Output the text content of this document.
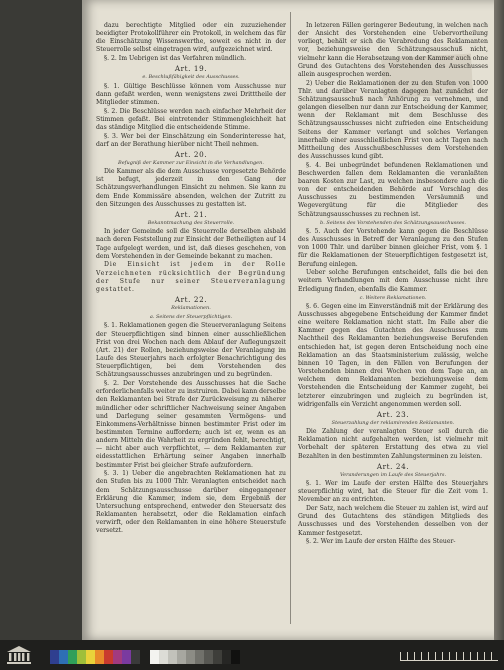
dazu berechtigte Mitglied oder ein zuzuziehender beeidigter Protokollführer ein Protokoll, in welchem das für die Einschätzung Wissenswerthe, soweit es nicht in der Steuerrolle selbst eingetragen wird, aufgezeichnet wird.

§. 2. Im Uebrigen ist das Verfahren mündlich.

Art. 19.
e. Beschlußfähigkeit des Ausschusses.

§. 1. Gültige Beschlüsse können vom Ausschusse nur dann gefaßt werden, wenn wenigstens zwei Dritttheile der Mitglieder stimmen.

§. 2. Die Beschlüsse werden nach einfacher Mehrheit der Stimmen gefaßt. Bei eintretender Stimmengleichheit hat das ständige Mitglied die entscheidende Stimme.

§. 3. Wer bei der Einschätzung ein Sonderinteresse hat, darf an der Berathung hierüber nicht Theil nehmen.

Art. 20.
Befugniß der Kammer zur Einsicht in die Verhandlungen.

Die Kammer als die dem Ausschusse vorgesetzte Behörde ist befugt, jederzeit in den Gang der Schätzungsverhandlungen Einsicht zu nehmen. Sie kann zu dem Ende Kommissäre absenden, welchen der Zutritt zu den Sitzungen des Ausschusses zu gestatten ist.

Art. 21.
Bekanntmachung des Steuerrolle.

In jeder Gemeinde soll die Steuerrolle derselben alsbald nach deren Feststellung zur Einsicht der Betheiligten auf 14 Tage aufgelegt werden, und ist, daß dieses geschehen, von dem Vorstehenden in der Gemeinde bekannt zu machen.

Die Einsicht ist jedem in der Rolle Verzeichneten rücksichtlich der Begründung der Stufe nur seiner Steuerveranlagung gestattet.

Art. 22.
Reklamationen.
a. Seitens der Steuerpflichtigen.

§. 1. Reklamationen gegen die Steuerveranlagung Seitens der Steuerpflichtigen sind binnen einer ausschließlichen Frist von drei Wochen nach dem Ablauf der Auflegungszeit (Art. 21) der Rollen, beziehungsweise der Veranlagung im Laufe des Steuerjahrs nach erfolgter Benachrichtigung des Steuerpflichtigen, bei dem Vorstehenden des Schätzungsausschusses anzubringen und zu begründen.

§. 2. Der Vorstehende des Ausschusses hat die Sache erforderlichenfalls weiter zu instruiren. Dabei kann derselbe den Reklamanten bei Strafe der Zurückweisung zu näherer mündlicher oder schriftlicher Nachweisung seiner Angaben und Darlegung seiner gesammten Vermögens- und Einkommens-Verhältnisse binnen bestimmter Frist oder im bestimmten Termine auffordern; auch ist er, wenn es an andern Mitteln die Wahrheit zu ergründen fehlt, berechtigt, — nicht aber auch verpflichtet, — dem Reklamanten zur eidesstattlichen Erhärtung seiner Angaben innerhalb bestimmter Frist bei gleicher Strafe aufzufordern.

§. 3. 1) Ueber die angebrachten Reklamationen hat zu den Stufen bis zu 1000 Thlr. Veranlagten entscheidet nach dem Schätzungsausschusse darüber eingegangener Erklärung die Kammer, indem sie, dem Ergebniß der Untersuchung entsprechend, entweder den Steuersatz des Reklamanten herabsetzt, oder die Reklamation einfach verwirft, oder den Reklamanten in eine höhere Steuerstufe versetzt.

In letzeren Fällen geringerer Bedeutung, in welchen nach der Ansicht des Vorstehenden eine Uebervortheilung vorliegt, behält er sich die Verabredung des Reklamanten vor, beziehungsweise den Schätzungsausschuß nicht, vielmehr kann die Herabsetzung von der Kammer auch ohne Grund des Gutachtens des Vorstehenden des Ausschusses allein ausgesprochen werden.

2) Ueber die Reklamationen der zu den Stufen von 1000 Thlr. und darüber Veranlagten dagegen hat zunächst der Schätzungsausschuß nach Anhörung zu vernehmen, und gelangen dieselben nur dann zur Entscheidung der Kammer, wenn der Reklamant mit dem Beschlusse des Schätzungsausschusses nicht zufrieden eine Entscheidung Seitens der Kammer verlangt und solches Verlangen innerhalb einer ausschließlichen Frist von acht Tagen nach Mittheilung des Ausschußbeschlusses dem Vorstehenden des Ausschusses kund gibt.

§. 4. Bei unbegründet befundenen Reklamationen und Beschwerden fallen dem Reklamanten die veranlaßten baaren Kosten zur Last, zu welchen insbesondere auch die von der entscheidenden Behörde auf Vorschlag des Ausschusses zu bestimmenden Versäumniß und Wegevergütung für die Mitglieder des Schätzungsausschusses zu rechnen ist.

b. Seitens des Vorstehenden des Schätzungsausschusses.

§. 5. Auch der Vorstehende kann gegen die Beschlüsse des Ausschusses in Betreff der Veranlagung zu den Stufen von 1000 Thlr. und darüber binnen gleicher Frist, vom §. 1 für die Reklamationen der Steuerpflichtigen festgesetzt ist, Berufung einlegen.

Ueber solche Berufungen entscheidet, falls die bei den weitern Verhandlungen mit dem Ausschusse nicht ihre Erledigung finden, ebenfalls die Kammer.

c. Weitere Reklamationen.

§. 6. Gegen eine im Einverständniß mit der Erklärung des Ausschusses abgegebene Entscheidung der Kammer findet eine weitere Reklamation nicht statt. Im Falle aber die Kammer gegen das Gutachten des Ausschusses zum Nachtheil des Reklamanten beziehungsweise Berufenden entschieden hat, ist gegen deren Entscheidung noch eine Reklamation an das Staatsministerium zulässig, welche binnen 10 Tagen, in den Fällen von Berufungen der Vorstehenden binnen drei Wochen von dem Tage an, an welchem dem Reklamanten beziehungsweise dem Vorstehenden die Entscheidung der Kammer zugeht, bei letzterer einzubringen und zugleich zu begründen ist, widrigenfalls ein Verzicht angenommen werden soll.

Art. 23.
Steuerzahlung der reklamirenden Reklamanten.

Die Zahlung der veranlagten Steuer soll durch die Reklamation nicht aufgehalten werden, ist vielmehr mit Vorbehalt der späteren Erstattung des etwa zu viel Bezahlten in den bestimmten Zahlungsterminen zu leisten.

Art. 24.
Veranderungen im Laufe des Steuerjahrs.

§. 1. Wer im Laufe der ersten Hälfte des Steuerjahrs steuerpflichtig wird, hat die Steuer für die Zeit vom 1. November an zu entrichten.

Der Satz, nach welchem die Steuer zu zahlen ist, wird auf Grund des Gutachtens des ständigen Mitglieds des Ausschusses und des Vorstehenden desselben von der Kammer festgesetzt.

§. 2. Wer im Laufe der ersten Hälfte des Steuer-
